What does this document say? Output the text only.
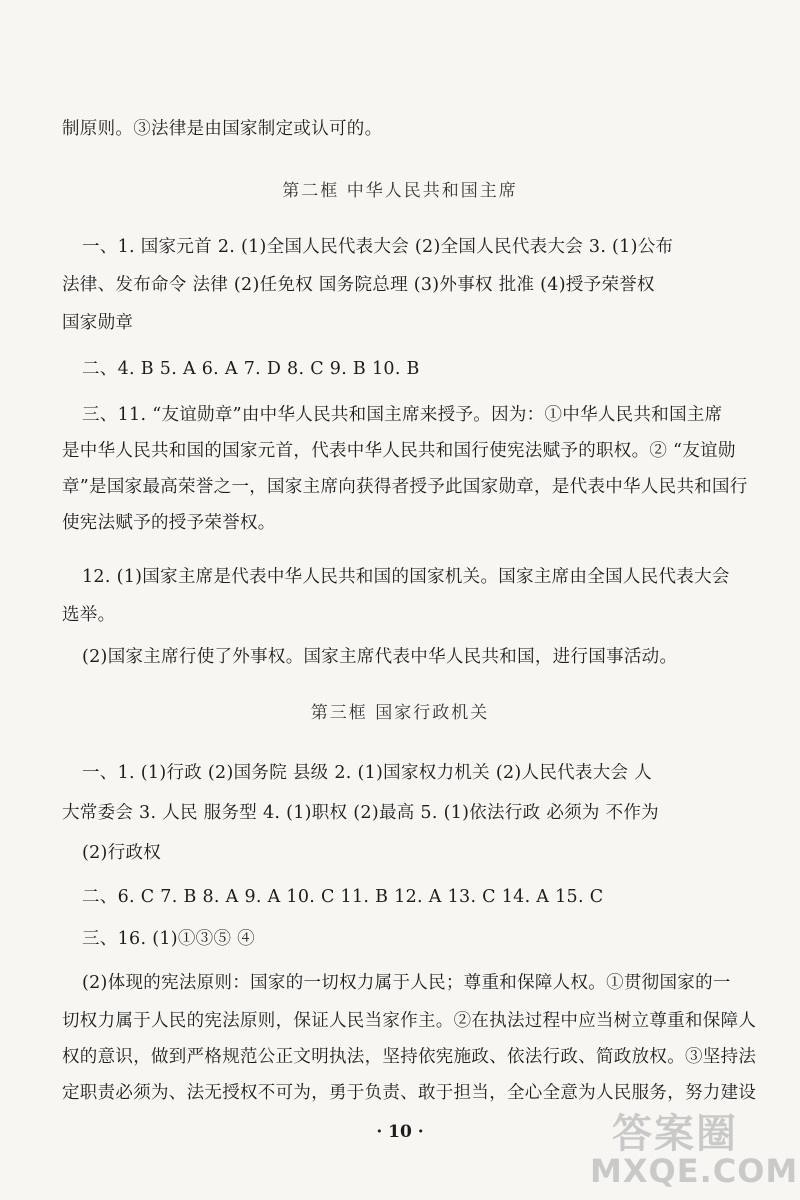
制原则。③法律是由国家制定或认可的。

第二框 中华人民共和国主席

一、1. 国家元首 2. (1)全国人民代表大会 (2)全国人民代表大会 3. (1)公布

法律、发布命令 法律 (2)任免权 国务院总理 (3)外事权 批准 (4)授予荣誉权

国家勋章

二、4. B 5. A 6. A 7. D 8. C 9. B 10. B

三、11. “友谊勋章”由中华人民共和国主席来授予。因为：①中华人民共和国主席

是中华人民共和国的国家元首，代表中华人民共和国行使宪法赋予的职权。② “友谊勋

章”是国家最高荣誉之一，国家主席向获得者授予此国家勋章，是代表中华人民共和国行

使宪法赋予的授予荣誉权。

12. (1)国家主席是代表中华人民共和国的国家机关。国家主席由全国人民代表大会

选举。

(2)国家主席行使了外事权。国家主席代表中华人民共和国，进行国事活动。

第三框 国家行政机关

一、1. (1)行政 (2)国务院 县级 2. (1)国家权力机关 (2)人民代表大会 人

大常委会 3. 人民 服务型 4. (1)职权 (2)最高 5. (1)依法行政 必须为 不作为

(2)行政权

二、6. C 7. B 8. A 9. A 10. C 11. B 12. A 13. C 14. A 15. C

三、16. (1)①③⑤ ④

(2)体现的宪法原则：国家的一切权力属于人民；尊重和保障人权。①贯彻国家的一

切权力属于人民的宪法原则，保证人民当家作主。②在执法过程中应当树立尊重和保障人

权的意识，做到严格规范公正文明执法，坚持依宪施政、依法行政、简政放权。③坚持法

定职责必须为、法无授权不可为，勇于负责、敢于担当，全心全意为人民服务，努力建设

· 10 ·	答案圈
MXQE.COM
